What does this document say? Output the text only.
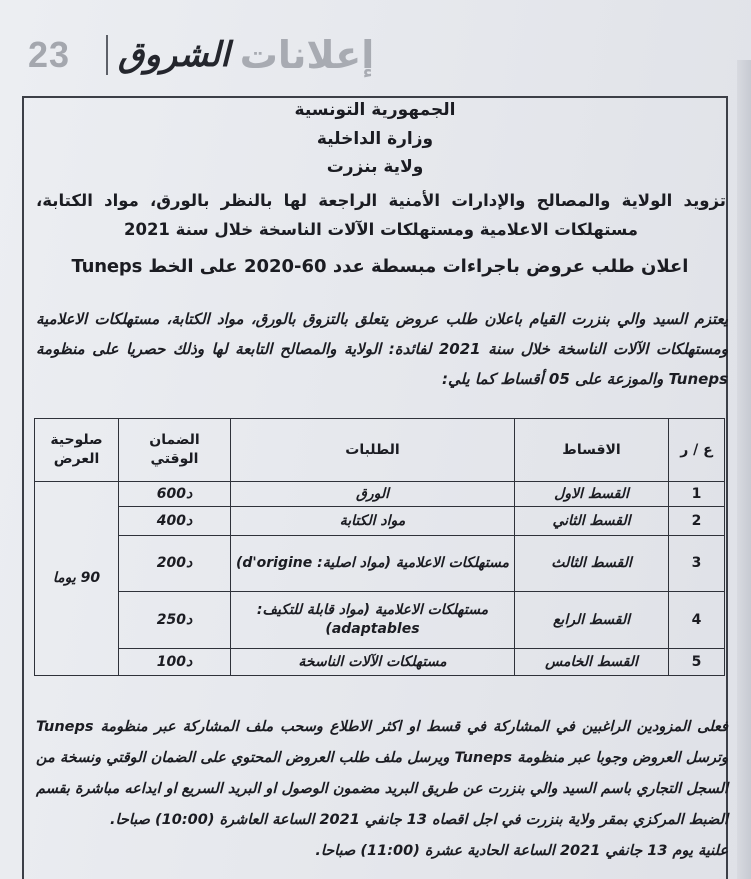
23	الشروق إعلانات
الجمهورية التونسية
وزارة الداخلية
ولاية بنزرت
تزويد الولاية والمصالح والإدارات الأمنية الراجعة لها بالنظر بالورق، مواد الكتابة، مستهلكات الاعلامية ومستهلكات الآلات الناسخة خلال سنة 2021
اعلان طلب عروض باجراءات مبسطة عدد 60-2020 على الخط Tuneps
يعتزم السيد والي بنزرت القيام باعلان طلب عروض يتعلق بالتزوق بالورق، مواد الكتابة، مستهلكات الاعلامية ومستهلكات الآلات الناسخة خلال سنة 2021 لفائدة: الولاية والمصالح التابعة لها وذلك حصريا على منظومة Tuneps والموزعة على 05 أقساط كما يلي:
ع / ر	الاقساط	الطلبات	الضمان الوقتي	صلوحية العرض
1	القسط الاول	الورق	600د	90 يوما
2	القسط الثاني	مواد الكتابة	400د	
3	القسط الثالث	مستهلكات الاعلامية (مواد اصلية: d'origine)	200د	
4	القسط الرابع	مستهلكات الاعلامية (مواد قابلة للتكيف: adaptables)	250د	
5	القسط الخامس	مستهلكات الآلات الناسخة	100د	

فعلى المزودين الراغبين في المشاركة في قسط او اكثر الاطلاع وسحب ملف المشاركة عبر منظومة Tuneps وترسل العروض وجوبا عبر منظومة Tuneps ويرسل ملف طلب العروض المحتوي على الضمان الوقتي ونسخة من السجل التجاري باسم السيد والي بنزرت عن طريق البريد مضمون الوصول او البريد السريع او ايداعه مباشرة بقسم الضبط المركزي بمقر ولاية بنزرت في اجل اقصاه 13 جانفي 2021 الساعة العاشرة (10:00) صباحا.

علنية يوم 13 جانفي 2021 الساعة الحادية عشرة (11:00) صباحا.
